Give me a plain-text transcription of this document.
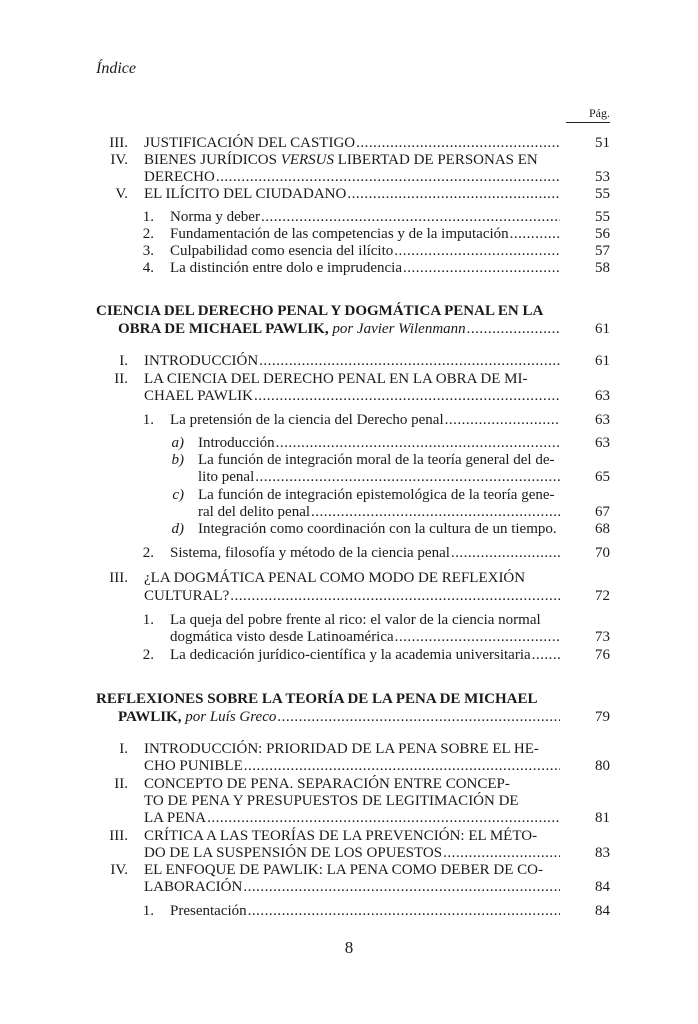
Índice
Pág.
III. JUSTIFICACIÓN DEL CASTIGO .....	51
IV. BIENES JURÍDICOS VERSUS LIBERTAD DE PERSONAS EN
DERECHO .....	53
V. EL ILÍCITO DEL CIUDADANO .....	55
1. Norma y deber .....	55
2. Fundamentación de las competencias y de la imputación .....	56
3. Culpabilidad como esencia del ilícito .....	57
4. La distinción entre dolo e imprudencia .....	58
CIENCIA DEL DERECHO PENAL Y DOGMÁTICA PENAL EN LA
OBRA DE MICHAEL PAWLIK,
por Javier Wilenmann .....	61
I. INTRODUCCIÓN .....	61
II. LA CIENCIA DEL DERECHO PENAL EN LA OBRA DE MI-
CHAEL PAWLIK .....	63
1. La pretensión de la ciencia del Derecho penal .....	63
a) Introducción .....	63
b) La función de integración moral de la teoría general del de-
lito penal .....	65
c) La función de integración epistemológica de la teoría gene-
ral del delito penal .....	67
d) Integración como coordinación con la cultura de un tiempo.	68
2. Sistema, filosofía y método de la ciencia penal .....	70
III. ¿LA DOGMÁTICA PENAL COMO MODO DE REFLEXIÓN
CULTURAL? .....	72
1. La queja del pobre frente al rico: el valor de la ciencia normal
dogmática visto desde Latinoamérica .....	73
2. La dedicación jurídico-científica y la academia universitaria .....	76
REFLEXIONES SOBRE LA TEORÍA DE LA PENA DE MICHAEL
PAWLIK,
por Luís Greco .....	79
I. INTRODUCCIÓN: PRIORIDAD DE LA PENA SOBRE EL HE-
CHO PUNIBLE .....	80
II. CONCEPTO DE PENA. SEPARACIÓN ENTRE CONCEP-
TO DE PENA Y PRESUPUESTOS DE LEGITIMACIÓN DE
LA PENA .....	81
III. CRÍTICA A LAS TEORÍAS DE LA PREVENCIÓN: EL MÉTO-
DO DE LA SUSPENSIÓN DE LOS OPUESTOS .....	83
IV. EL ENFOQUE DE PAWLIK: LA PENA COMO DEBER DE CO-
LABORACIÓN .....	84
1. Presentación .....	84
8
